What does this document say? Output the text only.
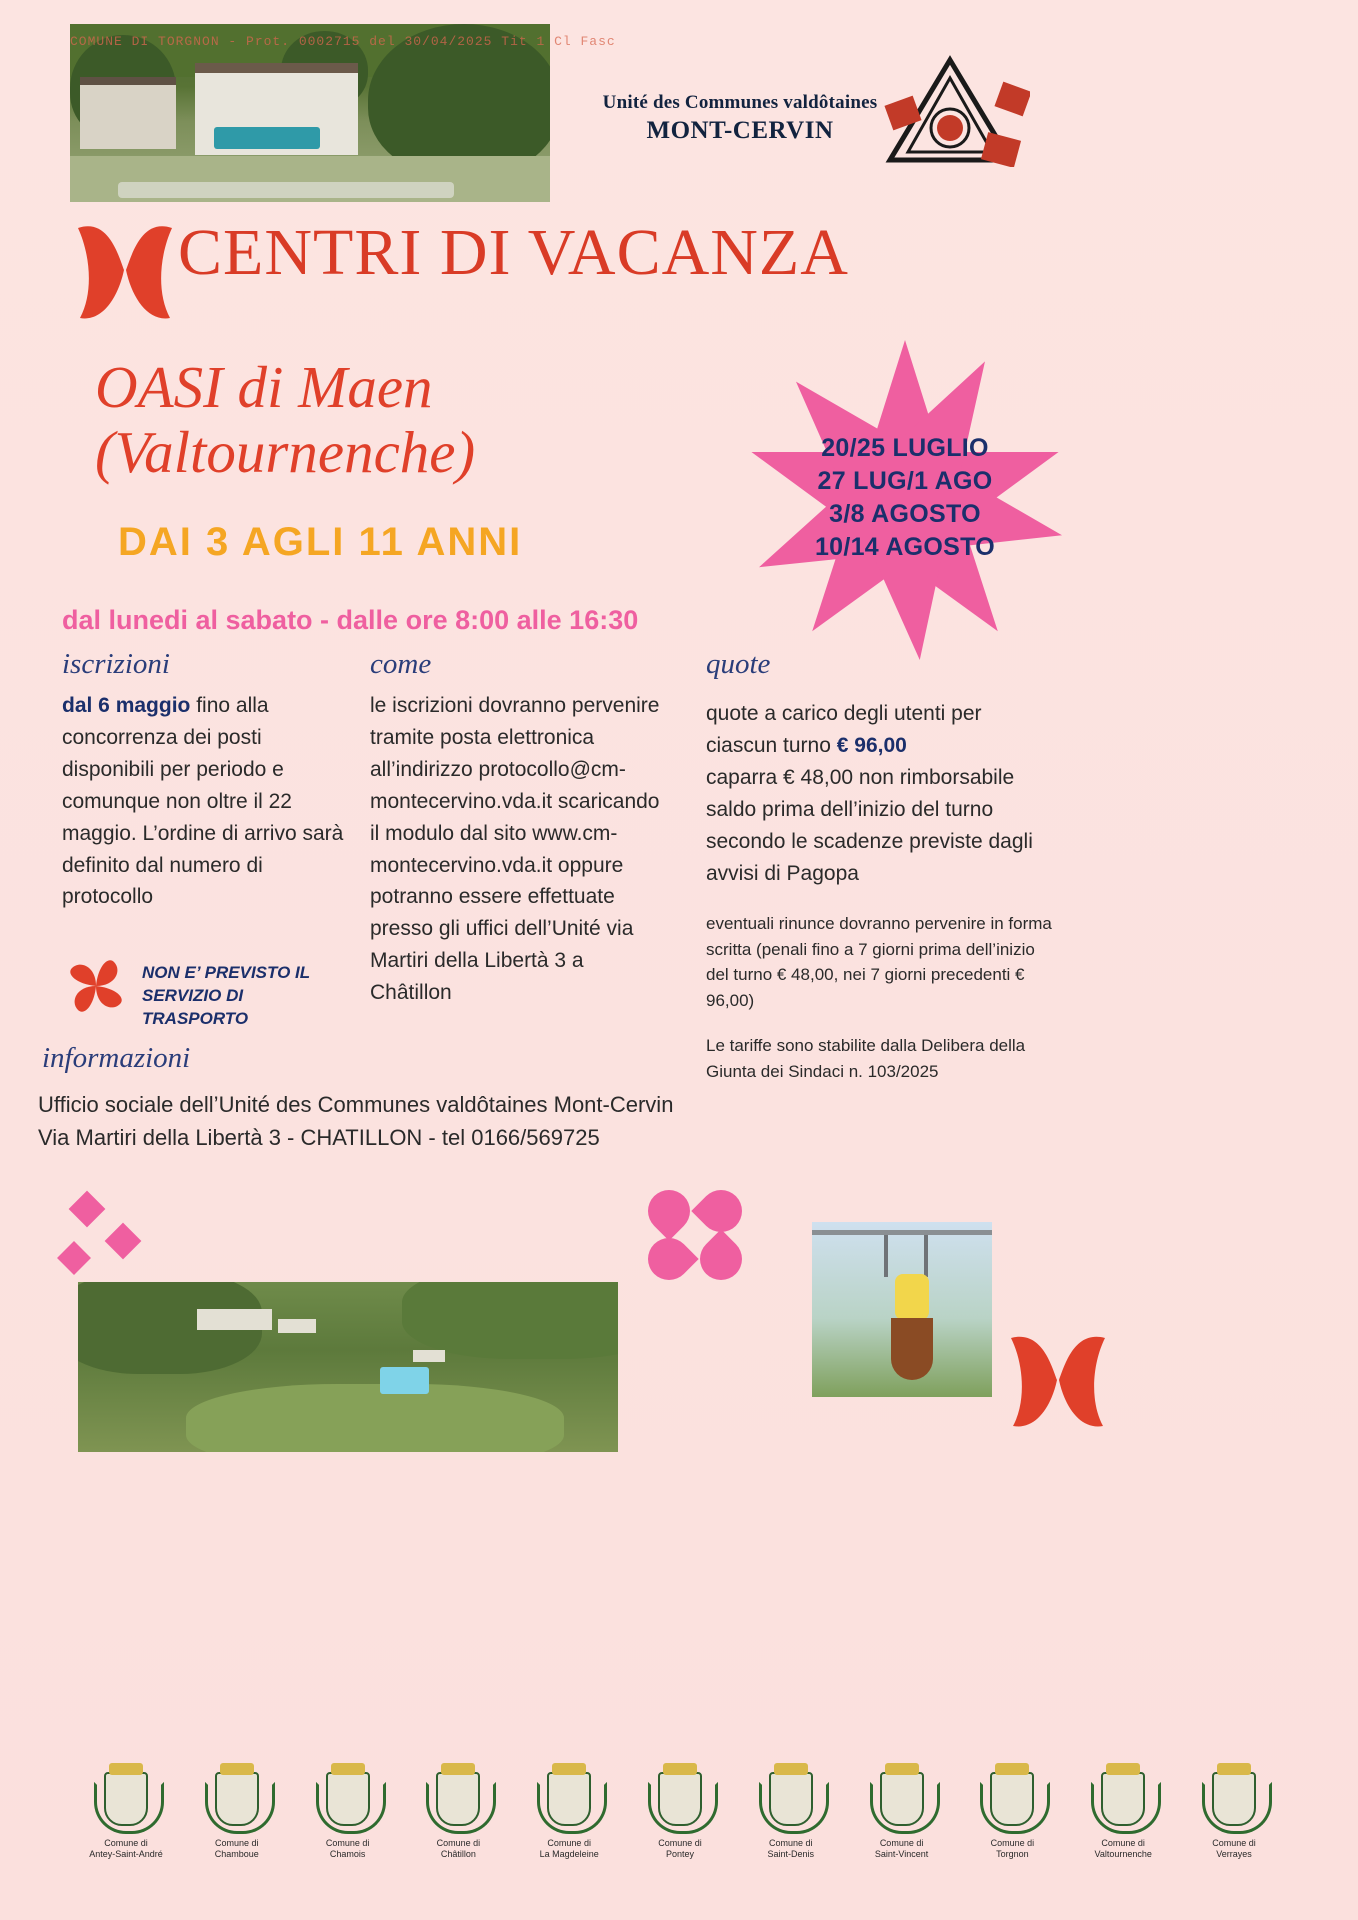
COMUNE DI TORGNON - Prot. 0002715 del 30/04/2025 Tit 1 Cl Fasc
Unité des Communes valdôtaines
MONT-CERVIN
CENTRI DI VACANZA
OASI di Maen
(Valtournenche)
DAI 3 AGLI 11 ANNI
dal lunedi al sabato - dalle ore 8:00 alle 16:30
20/25 LUGLIO
27 LUG/1 AGO
3/8 AGOSTO
10/14 AGOSTO
iscrizioni
dal 6 maggio fino alla concorrenza dei posti disponibili per periodo e comunque non oltre il 22 maggio. L’ordine di arrivo sarà definito dal numero di protocollo
come
le iscrizioni dovranno pervenire tramite posta elettronica all’indirizzo protocollo@cm-montecervino.vda.it scaricando il modulo dal sito www.cm-montecervino.vda.it oppure potranno essere effettuate presso gli uffici dell’Unité via Martiri della Libertà 3 a Châtillon
quote
quote a carico degli utenti per ciascun turno € 96,00
caparra € 48,00 non rimborsabile
saldo prima dell’inizio del turno secondo le scadenze previste dagli avvisi di Pagopa
eventuali rinunce dovranno pervenire in forma scritta (penali fino a 7 giorni prima dell’inizio del turno € 48,00, nei 7 giorni precedenti € 96,00)
Le tariffe sono stabilite dalla Delibera della Giunta dei Sindaci n. 103/2025
NON E’ PREVISTO IL
SERVIZIO DI TRASPORTO
informazioni
Ufficio sociale dell’Unité des Communes valdôtaines Mont-Cervin
Via Martiri della Libertà 3 - CHATILLON - tel 0166/569725
Comune di
Antey-Saint-André
Comune di
Chamboue
Comune di
Chamois
Comune di
Châtillon
Comune di
La Magdeleine
Comune di
Pontey
Comune di
Saint-Denis
Comune di
Saint-Vincent
Comune di
Torgnon
Comune di
Valtournenche
Comune di
Verrayes
